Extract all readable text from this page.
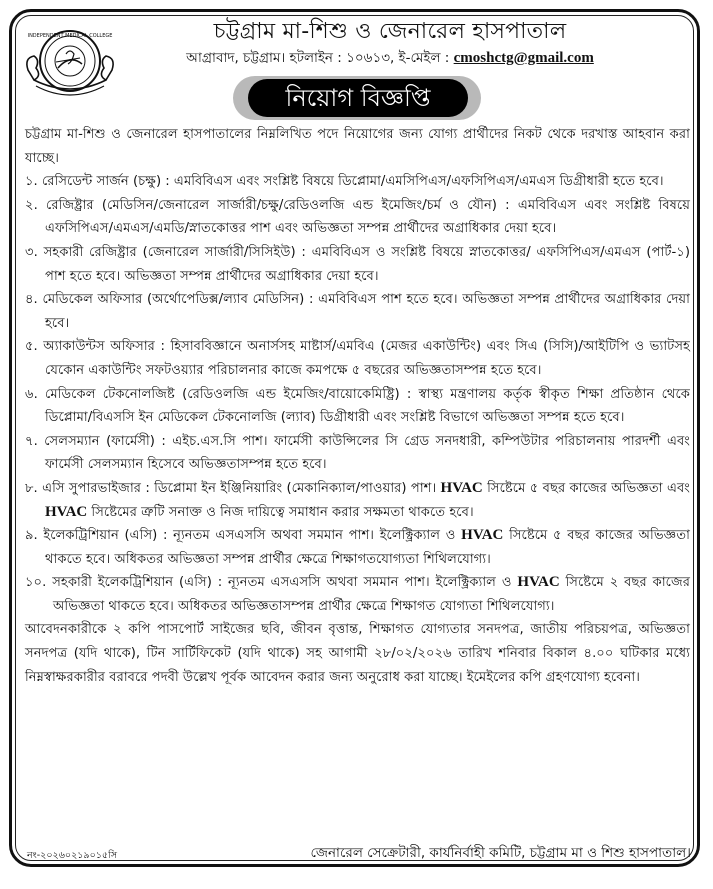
INDEPENDENT MEDICAL COLLEGE	চট্টগ্রাম মা-শিশু ও জেনারেল হাসপাতাল
আগ্রাবাদ, চট্টগ্রাম। হটলাইন : ১০৬১৩, ই-মেইল : cmoshctg@gmail.com
নিয়োগ বিজ্ঞপ্তি

চট্টগ্রাম মা-শিশু ও জেনারেল হাসপাতালের নিম্নলিখিত পদে নিয়োগের জন্য যোগ্য প্রার্থীদের নিকট থেকে দরখাস্ত আহবান করা যাচ্ছে।

১. রেসিডেন্ট সার্জন (চক্ষু) : এমবিবিএস এবং সংশ্লিষ্ট বিষয়ে ডিপ্লোমা/এমসিপিএস/এফসিপিএস/এমএস ডিগ্রীধারী হতে হবে।

২. রেজিষ্ট্রার (মেডিসিন/জেনারেল সার্জারী/চক্ষু/রেডিওলজি এন্ড ইমেজিং/চর্ম ও যৌন) : এমবিবিএস এবং সংশ্লিষ্ট বিষয়ে এফসিপিএস/এমএস/এমডি/স্নাতকোত্তর পাশ এবং অভিজ্ঞতা সম্পন্ন প্রার্থীদের অগ্রাধিকার দেয়া হবে।

৩. সহকারী রেজিষ্ট্রার (জেনারেল সার্জারী/সিসিইউ) : এমবিবিএস ও সংশ্লিষ্ট বিষয়ে স্নাতকোত্তর/ এফসিপিএস/এমএস (পার্ট-১) পাশ হতে হবে। অভিজ্ঞতা সম্পন্ন প্রার্থীদের অগ্রাধিকার দেয়া হবে।

৪. মেডিকেল অফিসার (অর্থোপেডিক্স/ল্যাব মেডিসিন) : এমবিবিএস পাশ হতে হবে। অভিজ্ঞতা সম্পন্ন প্রার্থীদের অগ্রাধিকার দেয়া হবে।

৫. অ্যাকাউন্টস অফিসার : হিসাববিজ্ঞানে অনার্সসহ মাষ্টার্স/এমবিএ (মেজর একাউন্টিং) এবং সিএ (সিসি)/আইটিপি ও ভ্যাটসহ যেকোন একাউন্টিং সফটওয়্যার পরিচালনার কাজে কমপক্ষে ৫ বছরের অভিজ্ঞতাসম্পন্ন হতে হবে।

৬. মেডিকেল টেকনোলজিষ্ট (রেডিওলজি এন্ড ইমেজিং/বায়োকেমিষ্ট্রি) : স্বাস্থ্য মন্ত্রণালয় কর্তৃক স্বীকৃত শিক্ষা প্রতিষ্ঠান থেকে ডিপ্লোমা/বিএসসি ইন মেডিকেল টেকনোলজি (ল্যাব) ডিগ্রীধারী এবং সংশ্লিষ্ট বিভাগে অভিজ্ঞতা সম্পন্ন হতে হবে।

৭. সেলসম্যান (ফার্মেসী) : এইচ.এস.সি পাশ। ফার্মেসী কাউন্সিলের সি গ্রেড সনদধারী, কম্পিউটার পরিচালনায় পারদর্শী এবং ফার্মেসী সেলসম্যান হিসেবে অভিজ্ঞতাসম্পন্ন হতে হবে।

৮. এসি সুপারভাইজার : ডিপ্লোমা ইন ইঞ্জিনিয়ারিং (মেকানিক্যাল/পাওয়ার) পাশ। HVAC সিষ্টেমে ৫ বছর কাজের অভিজ্ঞতা এবং HVAC সিষ্টেমের ত্রুটি সনাক্ত ও নিজ দায়িত্বে সমাধান করার সক্ষমতা থাকতে হবে।

৯. ইলেকট্রিশিয়ান (এসি) : ন্যূনতম এসএসসি অথবা সমমান পাশ। ইলেক্ট্রিক্যাল ও HVAC সিষ্টেমে ৫ বছর কাজের অভিজ্ঞতা থাকতে হবে। অধিকতর অভিজ্ঞতা সম্পন্ন প্রার্থীর ক্ষেত্রে শিক্ষাগতযোগ্যতা শিথিলযোগ্য।

১০. সহকারী ইলেকট্রিশিয়ান (এসি) : ন্যূনতম এসএসসি অথবা সমমান পাশ। ইলেক্ট্রিক্যাল ও HVAC সিষ্টেমে ২ বছর কাজের অভিজ্ঞতা থাকতে হবে। অধিকতর অভিজ্ঞতাসম্পন্ন প্রার্থীর ক্ষেত্রে শিক্ষাগত যোগ্যতা শিথিলযোগ্য।

আবেদনকারীকে ২ কপি পাসপোর্ট সাইজের ছবি, জীবন বৃত্তান্ত, শিক্ষাগত যোগ্যতার সনদপত্র, জাতীয় পরিচয়পত্র, অভিজ্ঞতা সনদপত্র (যদি থাকে), টিন সার্টিফিকেট (যদি থাকে) সহ আগামী ২৮/০২/২০২৬ তারিখ শনিবার বিকাল ৪.০০ ঘটিকার মধ্যে নিম্নস্বাক্ষরকারীর বরাবরে পদবী উল্লেখ পূর্বক আবেদন করার জন্য অনুরোধ করা যাচ্ছে। ইমেইলের কপি গ্রহণযোগ্য হবেনা।

নং-২০২৬০২১৯০১৫সি	জেনারেল সেক্রেটারী, কার্যনির্বাহী কমিটি, চট্টগ্রাম মা ও শিশু হাসপাতাল।
